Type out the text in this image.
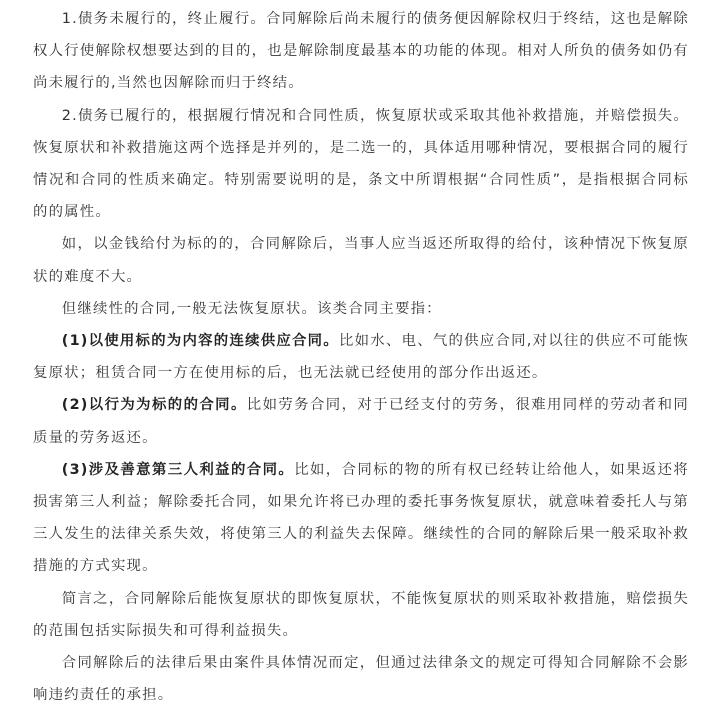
1.债务未履行的，终止履行。合同解除后尚未履行的债务便因解除权归于终结，这也是解除权人行使解除权想要达到的目的，也是解除制度最基本的功能的体现。相对人所负的债务如仍有尚未履行的,当然也因解除而归于终结。

2.债务已履行的，根据履行情况和合同性质，恢复原状或采取其他补救措施，并赔偿损失。恢复原状和补救措施这两个选择是并列的，是二选一的，具体适用哪种情况，要根据合同的履行情况和合同的性质来确定。特别需要说明的是，条文中所谓根据“合同性质”，是指根据合同标的的属性。

如，以金钱给付为标的的，合同解除后，当事人应当返还所取得的给付，该种情况下恢复原状的难度不大。

但继续性的合同,一般无法恢复原状。该类合同主要指：

(1)以使用标的为内容的连续供应合同。比如水、电、气的供应合同,对以往的供应不可能恢复原状；租赁合同一方在使用标的后，也无法就已经使用的部分作出返还。

(2)以行为为标的的合同。比如劳务合同，对于已经支付的劳务，很难用同样的劳动者和同质量的劳务返还。

(3)涉及善意第三人利益的合同。比如，合同标的物的所有权已经转让给他人，如果返还将损害第三人利益；解除委托合同，如果允许将已办理的委托事务恢复原状，就意味着委托人与第三人发生的法律关系失效，将使第三人的利益失去保障。继续性的合同的解除后果一般采取补救措施的方式实现。

简言之，合同解除后能恢复原状的即恢复原状，不能恢复原状的则采取补救措施，赔偿损失的范围包括实际损失和可得利益损失。

合同解除后的法律后果由案件具体情况而定，但通过法律条文的规定可得知合同解除不会影响违约责任的承担。
